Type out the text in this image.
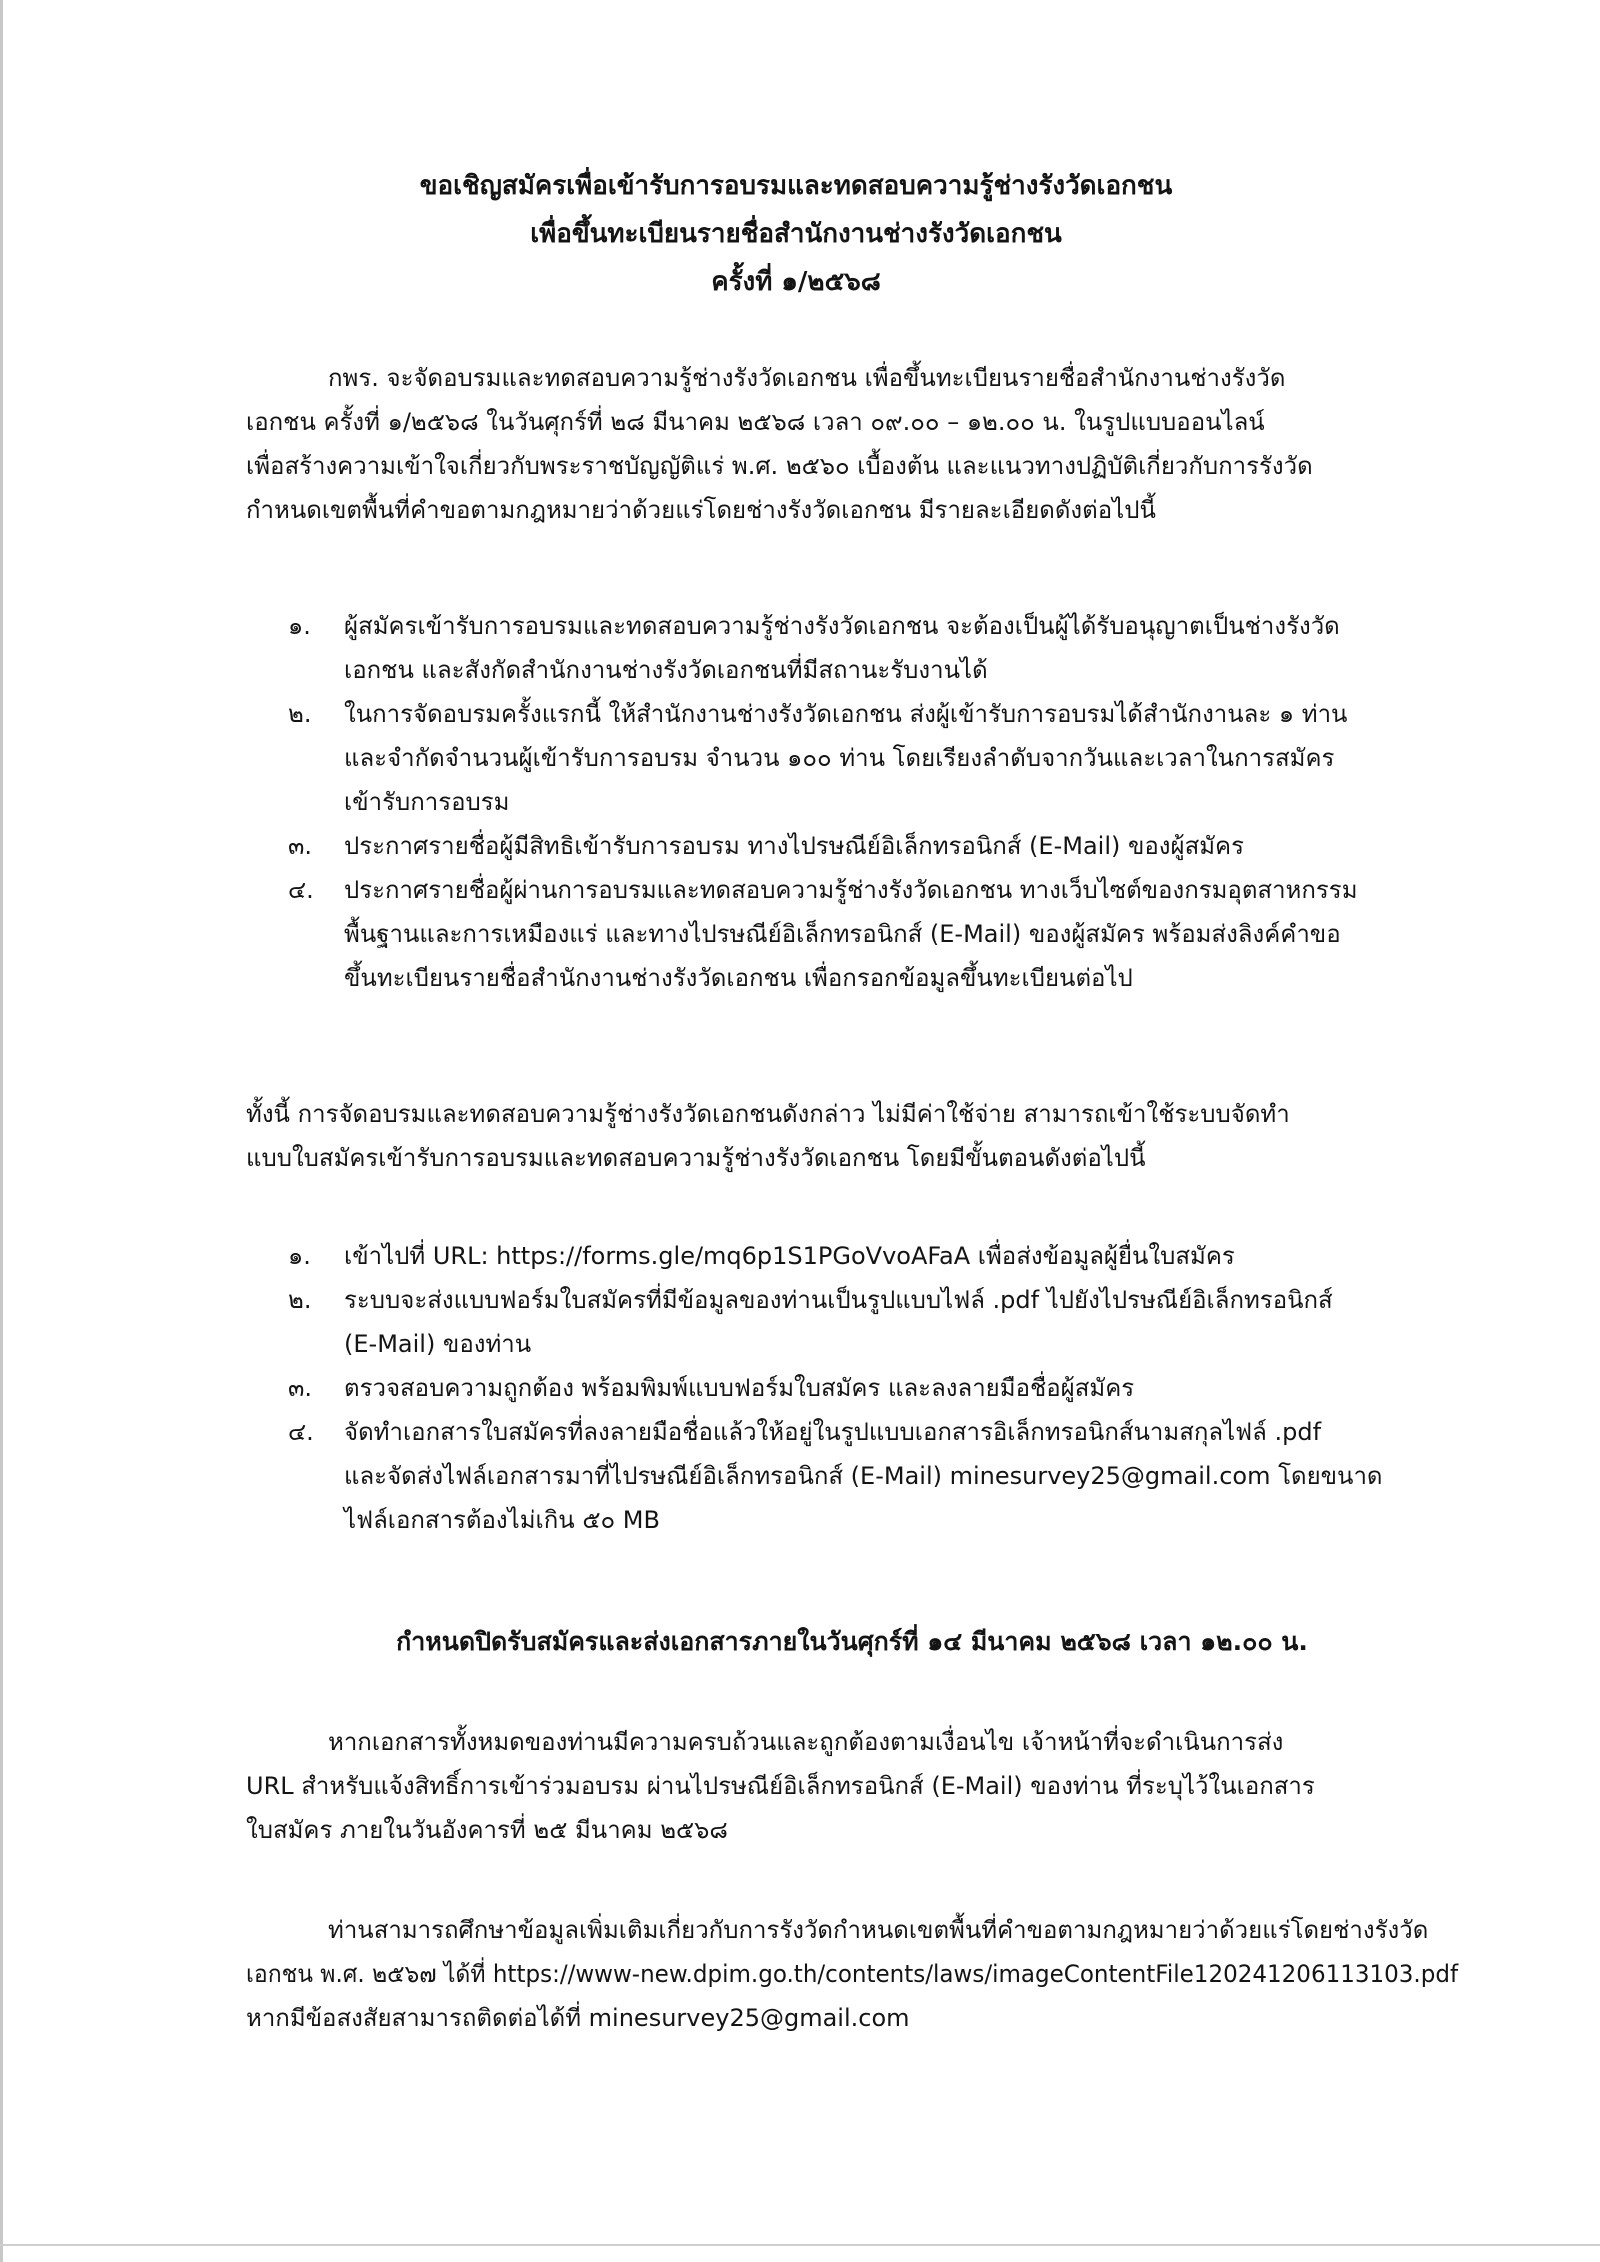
ขอเชิญสมัครเพื่อเข้ารับการอบรมและทดสอบความรู้ช่างรังวัดเอกชน
เพื่อขึ้นทะเบียนรายชื่อสำนักงานช่างรังวัดเอกชน
ครั้งที่ ๑/๒๕๖๘
กพร. จะจัดอบรมและทดสอบความรู้ช่างรังวัดเอกชน เพื่อขึ้นทะเบียนรายชื่อสำนักงานช่างรังวัด
เอกชน ครั้งที่ ๑/๒๕๖๘ ในวันศุกร์ที่ ๒๘ มีนาคม ๒๕๖๘ เวลา ๐๙.๐๐ – ๑๒.๐๐ น. ในรูปแบบออนไลน์
เพื่อสร้างความเข้าใจเกี่ยวกับพระราชบัญญัติแร่ พ.ศ. ๒๕๖๐ เบื้องต้น และแนวทางปฏิบัติเกี่ยวกับการรังวัด
กำหนดเขตพื้นที่คำขอตามกฎหมายว่าด้วยแร่โดยช่างรังวัดเอกชน มีรายละเอียดดังต่อไปนี้
๑.	ผู้สมัครเข้ารับการอบรมและทดสอบความรู้ช่างรังวัดเอกชน จะต้องเป็นผู้ได้รับอนุญาตเป็นช่างรังวัด
เอกชน และสังกัดสำนักงานช่างรังวัดเอกชนที่มีสถานะรับงานได้
๒.	ในการจัดอบรมครั้งแรกนี้ ให้สำนักงานช่างรังวัดเอกชน ส่งผู้เข้ารับการอบรมได้สำนักงานละ ๑ ท่าน
และจำกัดจำนวนผู้เข้ารับการอบรม จำนวน ๑๐๐ ท่าน โดยเรียงลำดับจากวันและเวลาในการสมัคร
เข้ารับการอบรม
๓.	ประกาศรายชื่อผู้มีสิทธิเข้ารับการอบรม ทางไปรษณีย์อิเล็กทรอนิกส์ (E-Mail) ของผู้สมัคร
๔.	ประกาศรายชื่อผู้ผ่านการอบรมและทดสอบความรู้ช่างรังวัดเอกชน ทางเว็บไซต์ของกรมอุตสาหกรรม
พื้นฐานและการเหมืองแร่ และทางไปรษณีย์อิเล็กทรอนิกส์ (E-Mail) ของผู้สมัคร พร้อมส่งลิงค์คำขอ
ขึ้นทะเบียนรายชื่อสำนักงานช่างรังวัดเอกชน เพื่อกรอกข้อมูลขึ้นทะเบียนต่อไป
ทั้งนี้ การจัดอบรมและทดสอบความรู้ช่างรังวัดเอกชนดังกล่าว ไม่มีค่าใช้จ่าย สามารถเข้าใช้ระบบจัดทำ
แบบใบสมัครเข้ารับการอบรมและทดสอบความรู้ช่างรังวัดเอกชน โดยมีขั้นตอนดังต่อไปนี้
๑.	เข้าไปที่ URL: https://forms.gle/mq6p1S1PGoVvoAFaA เพื่อส่งข้อมูลผู้ยื่นใบสมัคร
๒.	ระบบจะส่งแบบฟอร์มใบสมัครที่มีข้อมูลของท่านเป็นรูปแบบไฟล์ .pdf ไปยังไปรษณีย์อิเล็กทรอนิกส์
(E-Mail) ของท่าน
๓.	ตรวจสอบความถูกต้อง พร้อมพิมพ์แบบฟอร์มใบสมัคร และลงลายมือชื่อผู้สมัคร
๔.	จัดทำเอกสารใบสมัครที่ลงลายมือชื่อแล้วให้อยู่ในรูปแบบเอกสารอิเล็กทรอนิกส์นามสกุลไฟล์ .pdf
และจัดส่งไฟล์เอกสารมาที่ไปรษณีย์อิเล็กทรอนิกส์ (E-Mail) minesurvey25@gmail.com โดยขนาด
ไฟล์เอกสารต้องไม่เกิน ๕๐ MB
กำหนดปิดรับสมัครและส่งเอกสารภายในวันศุกร์ที่ ๑๔ มีนาคม ๒๕๖๘ เวลา ๑๒.๐๐ น.
หากเอกสารทั้งหมดของท่านมีความครบถ้วนและถูกต้องตามเงื่อนไข เจ้าหน้าที่จะดำเนินการส่ง
URL สำหรับแจ้งสิทธิ์การเข้าร่วมอบรม ผ่านไปรษณีย์อิเล็กทรอนิกส์ (E-Mail) ของท่าน ที่ระบุไว้ในเอกสาร
ใบสมัคร ภายในวันอังคารที่ ๒๕ มีนาคม ๒๕๖๘
ท่านสามารถศึกษาข้อมูลเพิ่มเติมเกี่ยวกับการรังวัดกำหนดเขตพื้นที่คำขอตามกฎหมายว่าด้วยแร่โดยช่างรังวัด
เอกชน พ.ศ. ๒๕๖๗ ได้ที่ https://www-new.dpim.go.th/contents/laws/imageContentFile120241206113103.pdf
หากมีข้อสงสัยสามารถติดต่อได้ที่ minesurvey25@gmail.com
